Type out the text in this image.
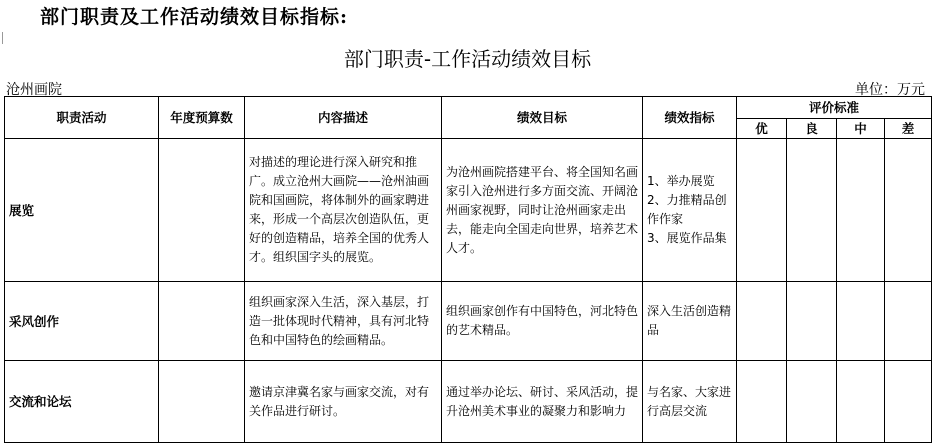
部门职责及工作活动绩效目标指标:
部门职责-工作活动绩效目标
沧州画院	单位：万元
职责活动	年度预算数	内容描述	绩效目标	绩效指标	评价标准			
					优	良	中	差
展览		对描述的理论进行深入研究和推广。成立沧州大画院——沧州油画院和国画院，将体制外的画家聘进来，形成一个高层次创造队伍，更好的创造精品，培养全国的优秀人才。组织国字头的展览。	为沧州画院搭建平台、将全国知名画家引入沧州进行多方面交流、开阔沧州画家视野，同时让沧州画家走出去，能走向全国走向世界，培养艺术人才。	1、举办展览
2、力推精品创作作家
3、展览作品集				
采风创作		组织画家深入生活，深入基层，打造一批体现时代精神，具有河北特色和中国特色的绘画精品。	组织画家创作有中国特色，河北特色的艺术精品。	深入生活创造精品				
交流和论坛		邀请京津冀名家与画家交流，对有关作品进行研讨。	通过举办论坛、研讨、采风活动，提升沧州美术事业的凝聚力和影响力	与名家、大家进行高层交流				
